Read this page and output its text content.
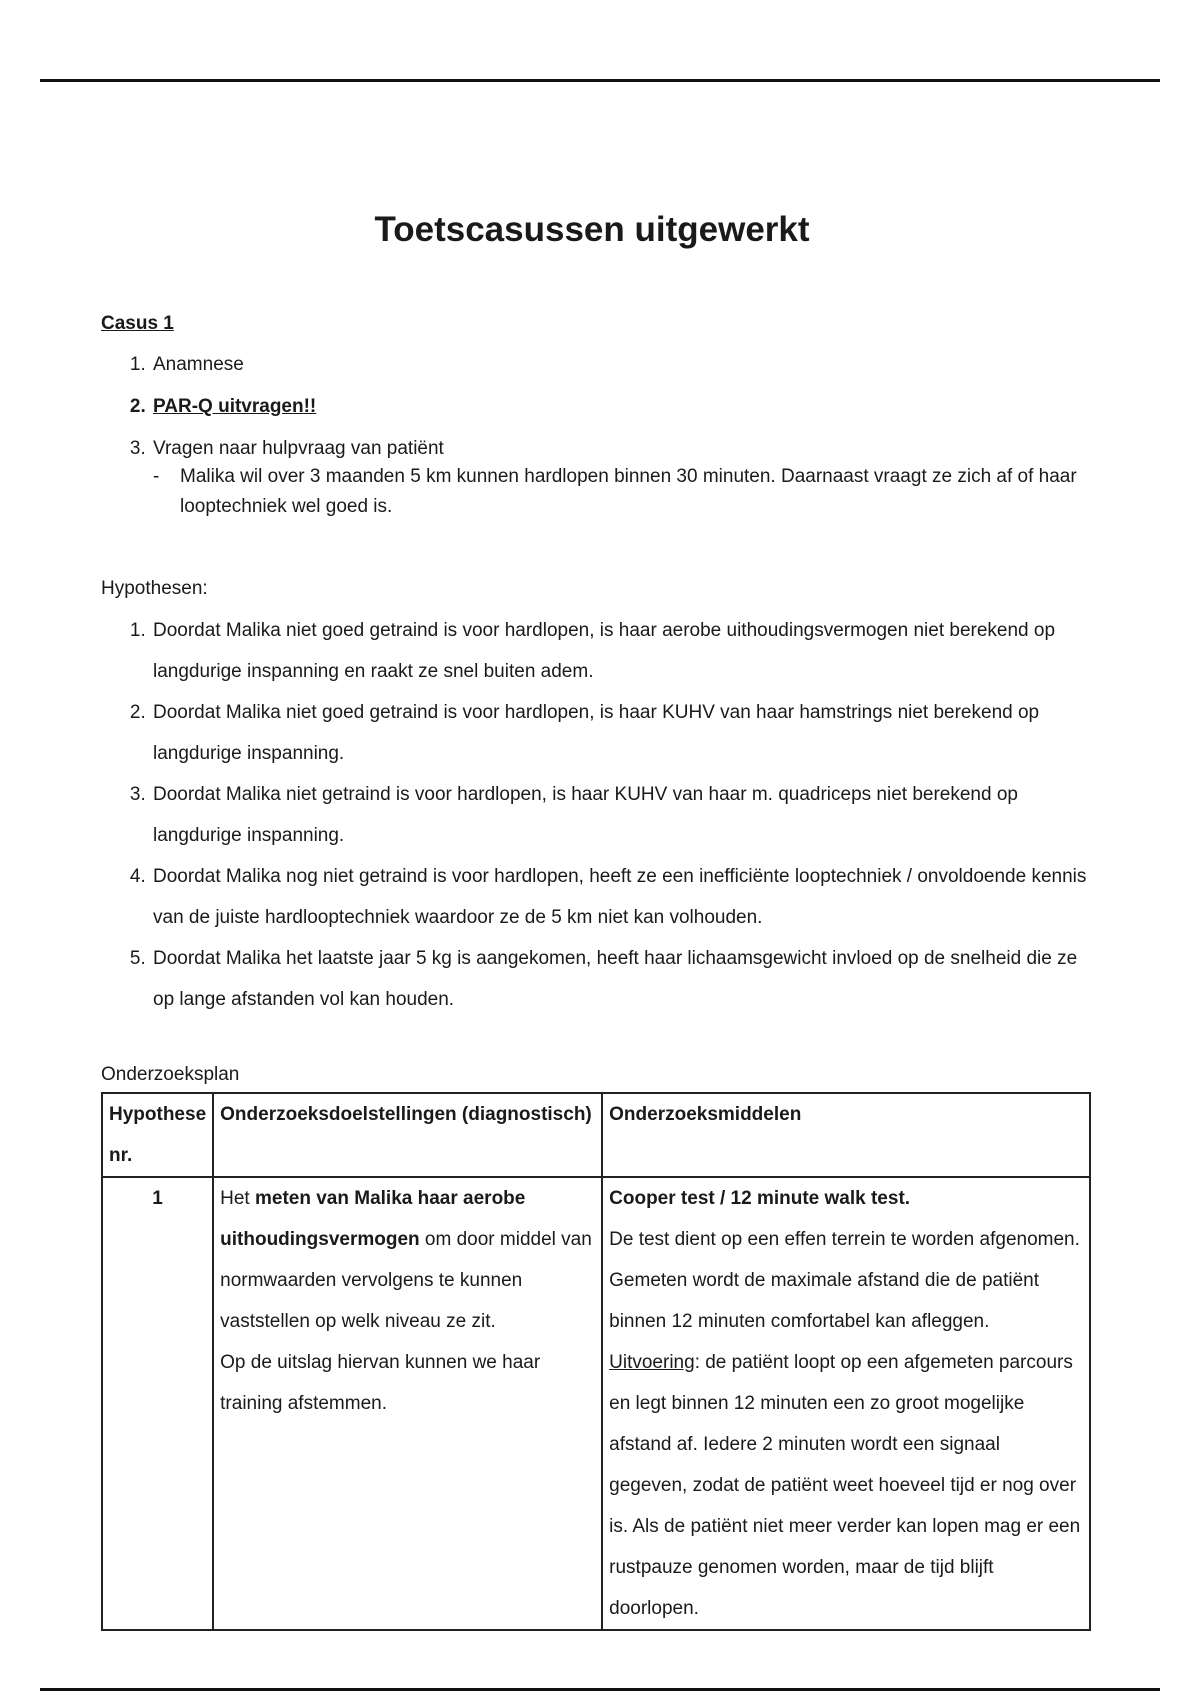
Toetscasussen uitgewerkt
Casus 1
1. Anamnese
2. PAR-Q uitvragen!!
3. Vragen naar hulpvraag van patiënt
- Malika wil over 3 maanden 5 km kunnen hardlopen binnen 30 minuten. Daarnaast vraagt ze zich af of haar looptechniek wel goed is.
Hypothesen:
1. Doordat Malika niet goed getraind is voor hardlopen, is haar aerobe uithoudingsvermogen niet berekend op langdurige inspanning en raakt ze snel buiten adem.
2. Doordat Malika niet goed getraind is voor hardlopen, is haar KUHV van haar hamstrings niet berekend op langdurige inspanning.
3. Doordat Malika niet getraind is voor hardlopen, is haar KUHV van haar m. quadriceps niet berekend op langdurige inspanning.
4. Doordat Malika nog niet getraind is voor hardlopen, heeft ze een inefficiënte looptechniek / onvoldoende kennis van de juiste hardlooptechniek waardoor ze de 5 km niet kan volhouden.
5. Doordat Malika het laatste jaar 5 kg is aangekomen, heeft haar lichaamsgewicht invloed op de snelheid die ze op lange afstanden vol kan houden.
Onderzoeksplan
Hypothese nr.	Onderzoeksdoelstellingen (diagnostisch)	Onderzoeksmiddelen
1	Het meten van Malika haar aerobe uithoudingsvermogen om door middel van normwaarden vervolgens te kunnen vaststellen op welk niveau ze zit.
Op de uitslag hiervan kunnen we haar training afstemmen.	Cooper test / 12 minute walk test.
De test dient op een effen terrein te worden afgenomen. Gemeten wordt de maximale afstand die de patiënt binnen 12 minuten comfortabel kan afleggen.
Uitvoering: de patiënt loopt op een afgemeten parcours en legt binnen 12 minuten een zo groot mogelijke afstand af. Iedere 2 minuten wordt een signaal gegeven, zodat de patiënt weet hoeveel tijd er nog over is. Als de patiënt niet meer verder kan lopen mag er een rustpauze genomen worden, maar de tijd blijft doorlopen.
